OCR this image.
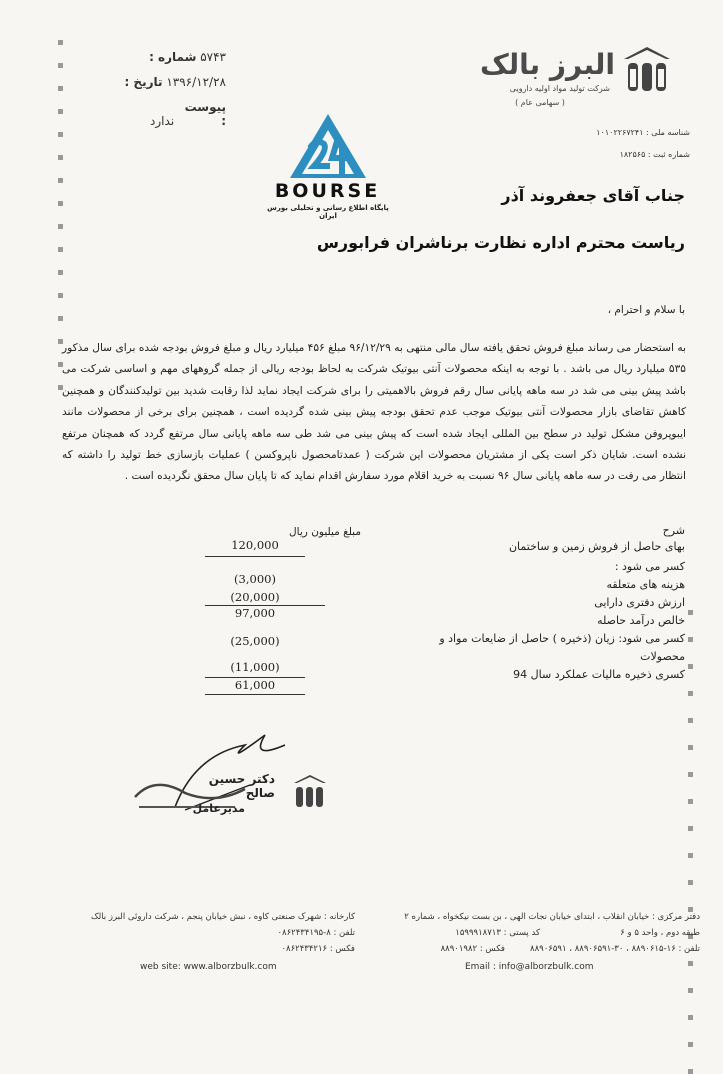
البرز بالک
شرکت تولید مواد اولیه دارویی
( سهامی عام )
شناسه ملی : ۱۰۱۰۲۲۶۷۲۴۱
شماره ثبت : ۱۸۲۵۶۵
شماره : ۵۷۴۳
تاریخ : ۱۳۹۶/۱۲/۲۸
پیوست : ندارد
BOURSE
پایگاه اطلاع رسانی و تحلیلی بورس ایران
جناب آقای جعفروند آذر
ریاست محترم اداره نظارت برناشران فرابورس
با سلام و احترام ،
به استحضار می رساند مبلغ فروش تحقق یافته سال مالی منتهی به ۹۶/۱۲/۲۹ مبلغ ۴۵۶ میلیارد ریال و مبلغ فروش بودجه شده برای سال مذکور ۵۳۵ میلیارد ریال می باشد . با توجه به اینکه محصولات آنتی بیوتیک شرکت به لحاظ بودجه ریالی از جمله گروههای مهم و اساسی شرکت می باشد پیش بینی می شد در سه ماهه پایانی سال رقم فروش بالاهمیتی را برای شرکت ایجاد نماید لذا رقابت شدید بین تولیدکنندگان و همچنین کاهش تقاضای بازار محصولات آنتی بیوتیک موجب عدم تحقق بودجه پیش بینی شده گردیده است ، همچنین برای برخی از محصولات مانند ایبوپروفن مشکل تولید در سطح بین المللی ایجاد شده است که پیش بینی می شد طی سه ماهه پایانی سال مرتفع گردد که همچنان مرتفع نشده است. شایان ذکر است یکی از مشتریان محصولات این شرکت ( عمدتامحصول ناپروکسن ) عملیات بازسازی خط تولید را داشته که انتظار می رفت در سه ماهه پایانی سال ۹۶ نسبت به خرید اقلام مورد سفارش اقدام نماید که تا پایان سال محقق نگردیده است .
مبلغ میلیون ریال	شرح
بهای حاصل از فروش زمین و ساختمان
120,000
کسر می شود :
هزینه های متعلقه
(3,000)
ارزش دفتری دارایی
(20,000)
خالص درآمد حاصله
97,000
کسر می شود: زیان (ذخیره ) حاصل از ضایعات مواد و
(25,000)
محصولات
کسری ذخیره مالیات عملکرد سال 94
(11,000)
61,000
دکتر حسین صالح
مدیرعامل
دفتر مرکزی : خیابان انقلاب ، ابتدای خیابان نجات الهی ، بن بست نیکخواه ، شماره ۲
طبقه دوم ، واحد ۵ و ۶
کد پستی : ۱۵۹۹۹۱۸۷۱۳
تلفن : ۱۶-۸۸۹۰۶۱۵ ، ۳۰-۸۸۹۰۶۵۹۱ ، ۸۸۹۰۶۵۹۱
فکس : ۸۸۹۰۱۹۸۲
کارخانه : شهرک صنعتی کاوه ، نبش خیابان پنجم ، شرکت داروئی البرز بالک
تلفن : ۸-۰۸۶۲۴۳۴۱۹۵
فکس : ۰۸۶۲۴۳۴۲۱۶
web site: www.alborzbulk.com	Email : info@alborzbulk.com
